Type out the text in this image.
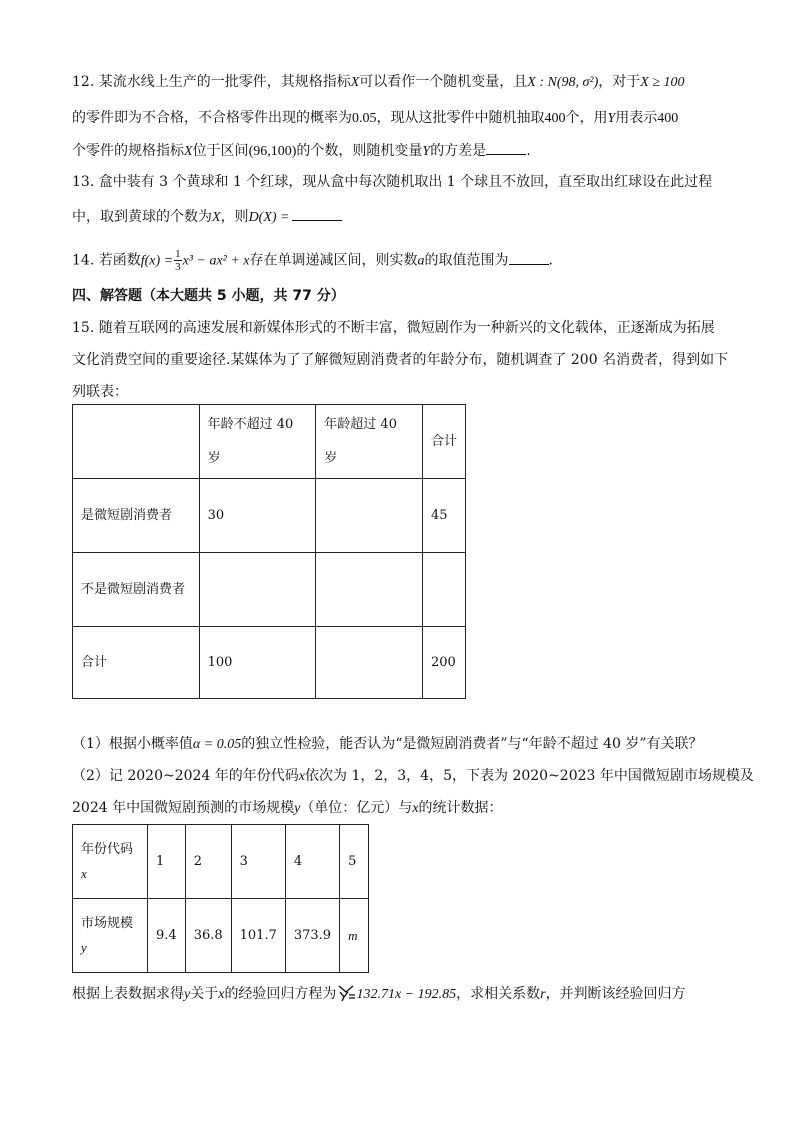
12. 某流水线上生产的一批零件，其规格指标X可以看作一个随机变量，且X : N(98, σ²)，对于X ≥ 100
的零件即为不合格，不合格零件出现的概率为0.05，现从这批零件中随机抽取400个，用Y用表示400
个零件的规格指标X位于区间(96,100)的个数，则随机变量Y的方差是	.
13. 盒中装有 3 个黄球和 1 个红球，现从盒中每次随机取出 1 个球且不放回，直至取出红球设在此过程
中，取到黄球的个数为X，则D(X) =
14. 若函数$f(x) = \frac{1}{3} x^3 - ax^2 + x$存在单调递减区间，则实数a的取值范围为	.
四、解答题（本大题共 5 小题，共 77 分）
15. 随着互联网的高速发展和新媒体形式的不断丰富，微短剧作为一种新兴的文化载体，正逐渐成为拓展
文化消费空间的重要途径.某媒体为了了解微短剧消费者的年龄分布，随机调查了 200 名消费者，得到如下
列联表：
	年龄不超过 40 岁	年龄超过 40 岁	合计
是微短剧消费者	30		45
不是微短剧消费者			
合计	100		200
（1）根据小概率值α = 0.05的独立性检验，能否认为“是微短剧消费者”与“年龄不超过 40 岁”有关联？
（2）记 2020~2024 年的年份代码x依次为 1，2，3，4，5，下表为 2020~2023 年中国微短剧市场规模及
2024 年中国微短剧预测的市场规模y（单位：亿元）与x的统计数据：
年份代码
x	1	2	3	4	5

市场规模
y	9.4	36.8	101.7	373.9	m
根据上表数据求得y关于x的经验回归方程为 132.71x − 192.85，求相关系数r，并判断该经验回归方
